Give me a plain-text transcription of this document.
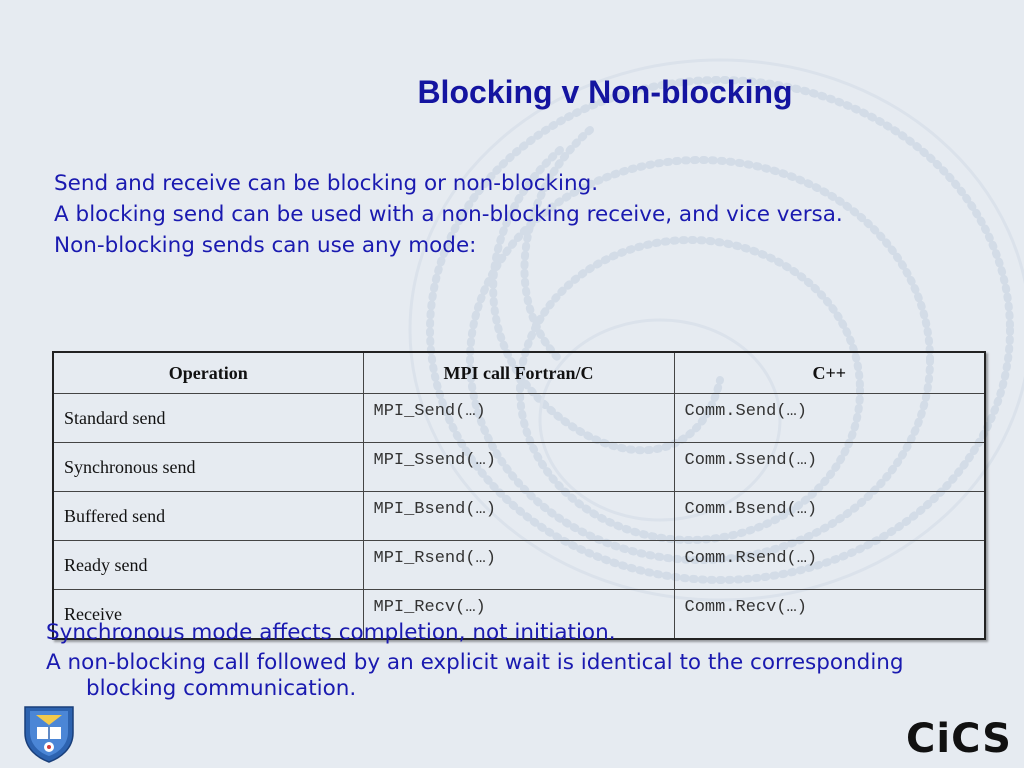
Blocking v Non-blocking

Send and receive can be blocking or non-blocking.

A blocking send can be used with a non-blocking receive, and vice versa.

Non-blocking sends can use any mode:

Operation	MPI call Fortran/C	C++
Standard send	MPI_Send(…)	Comm.Send(…)
Synchronous send	MPI_Ssend(…)	Comm.Ssend(…)
Buffered send	MPI_Bsend(…)	Comm.Bsend(…)
Ready send	MPI_Rsend(…)	Comm.Rsend(…)
Receive	MPI_Recv(…)	Comm.Recv(…)

Synchronous mode affects completion, not initiation.

A non-blocking call followed by an explicit wait is identical to the corresponding blocking communication.

CiCS
